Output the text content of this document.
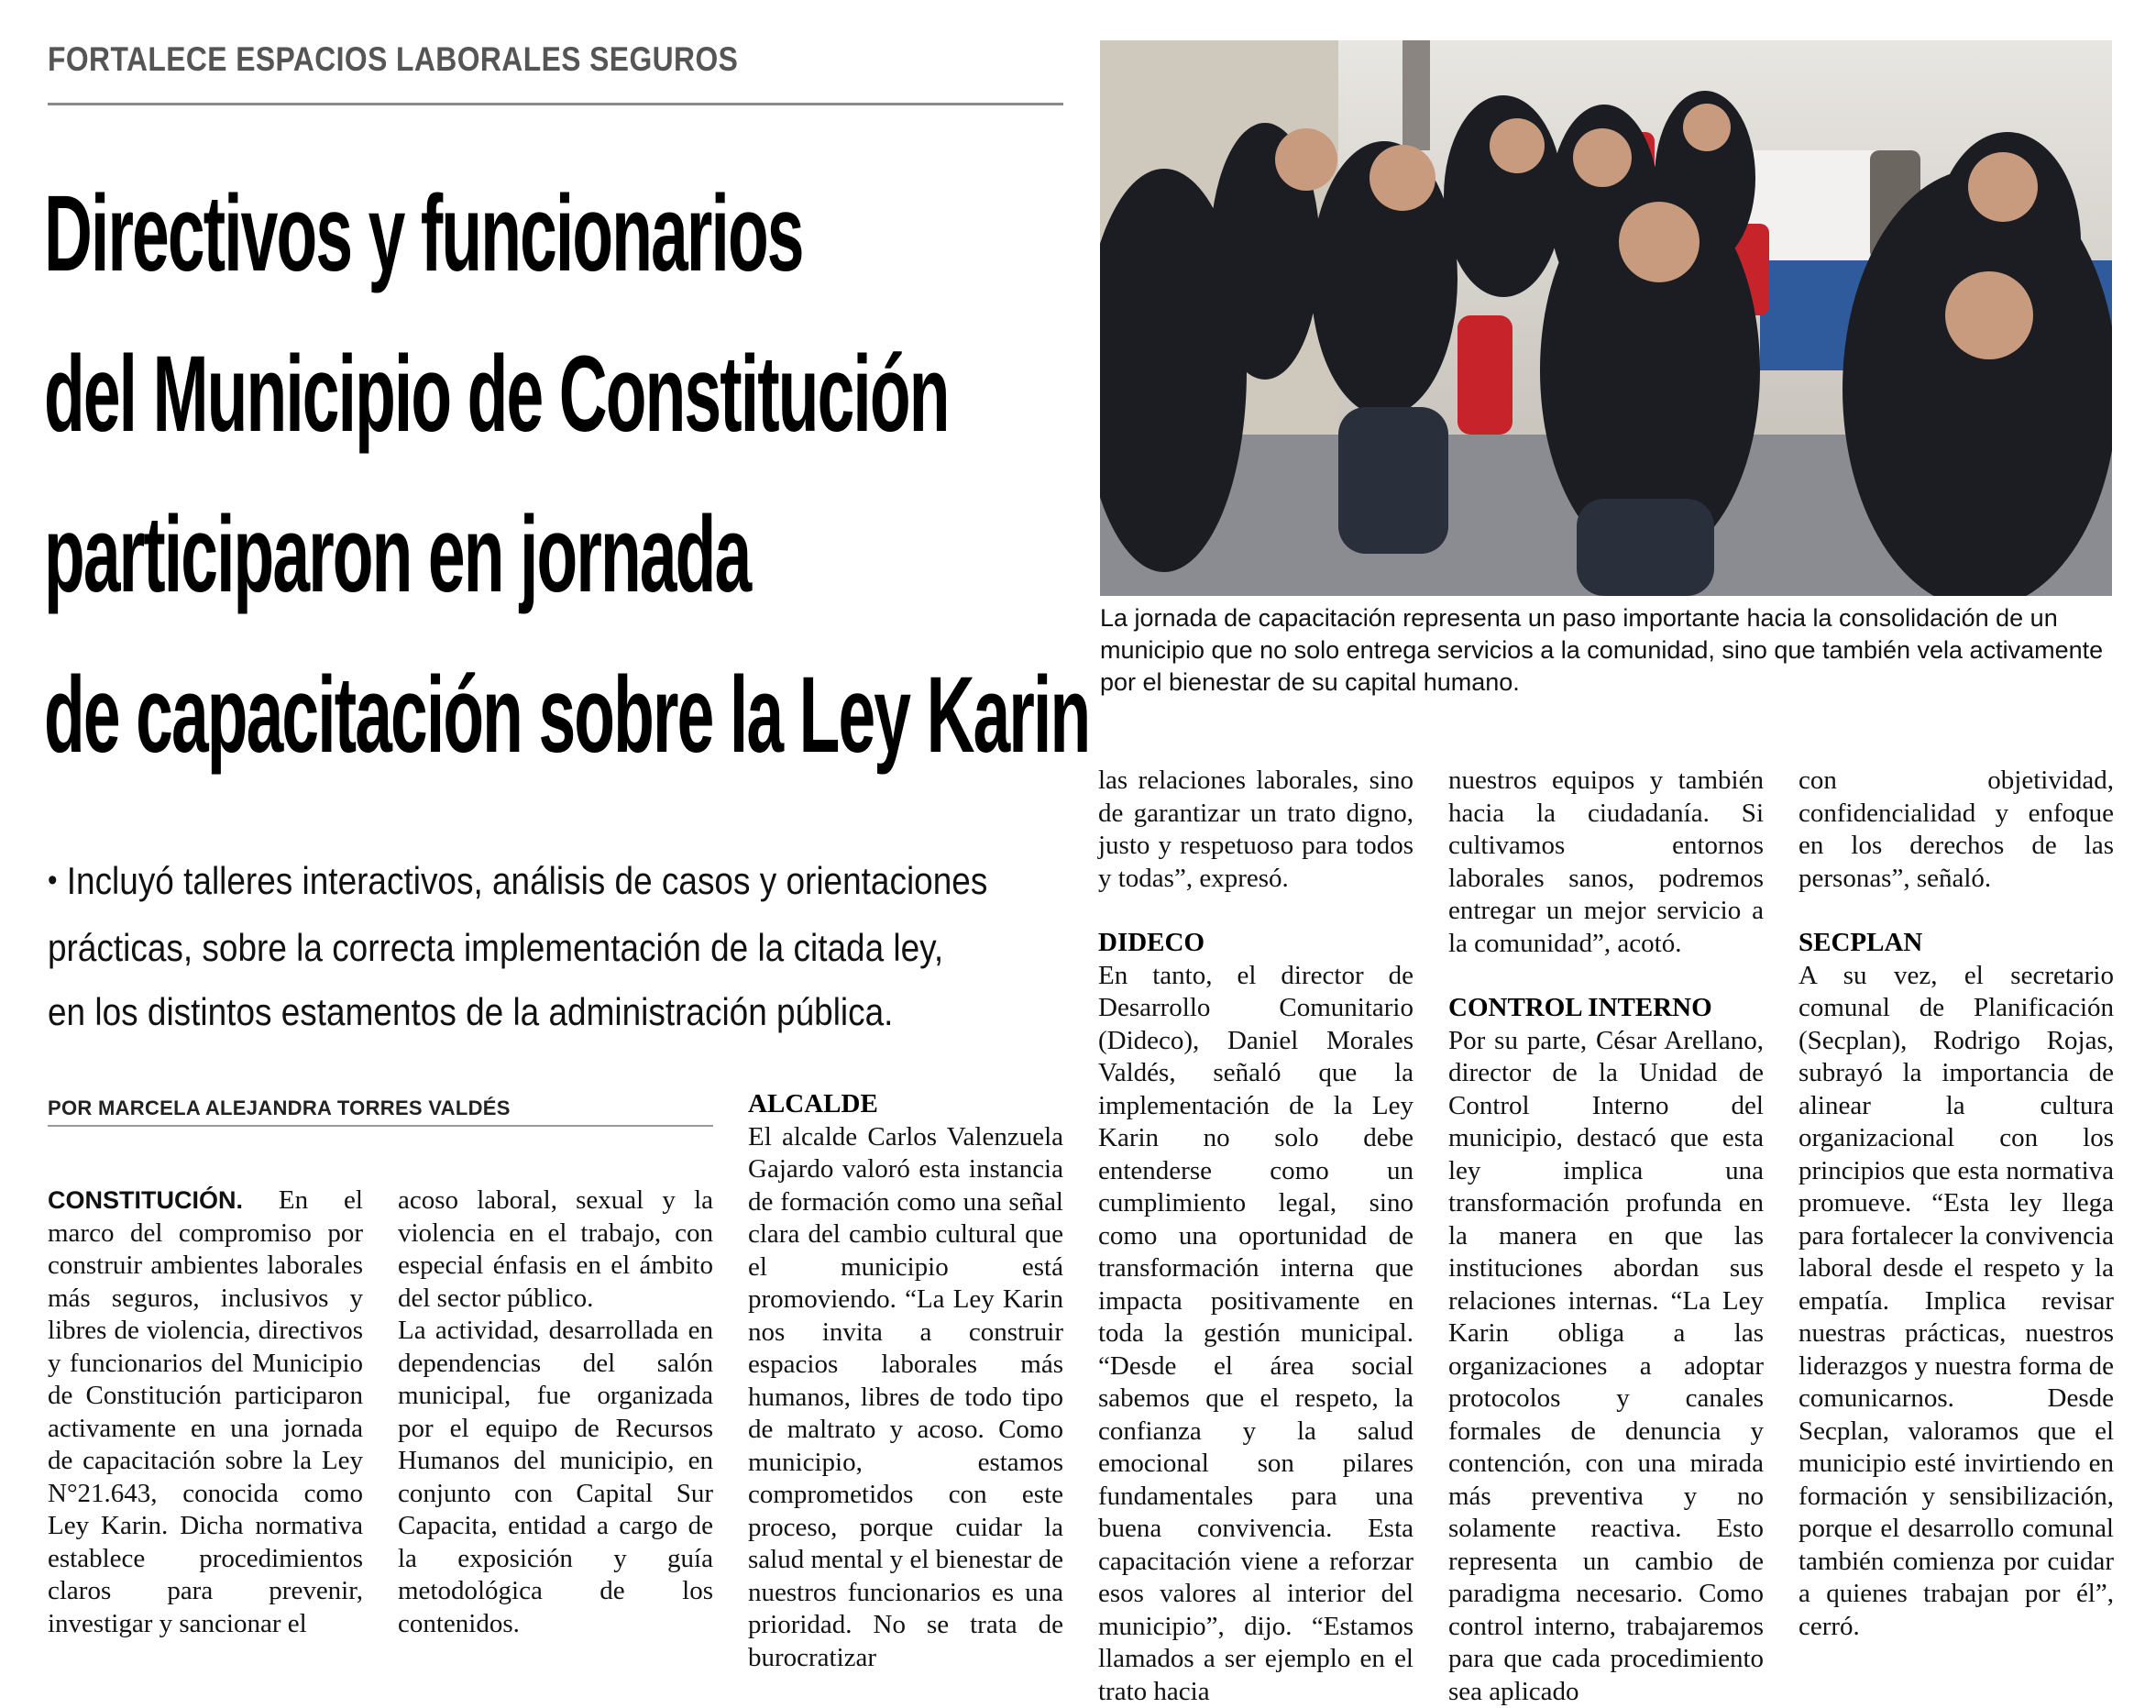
FORTALECE ESPACIOS LABORALES SEGUROS
Directivos y funcionarios
del Municipio de Constitución
participaron en jornada
de capacitación sobre la Ley Karin
• Incluyó talleres interactivos, análisis de casos y orientaciones
prácticas, sobre la correcta implementación de la citada ley,
en los distintos estamentos de la administración pública.
POR MARCELA ALEJANDRA TORRES VALDÉS
La jornada de capacitación representa un paso importante hacia la consolidación de un municipio que no solo entrega servicios a la comunidad, sino que también vela activamente por el bienestar de su capital humano.

CONSTITUCIÓN. En el marco del compromiso por construir ambientes laborales más seguros, inclusivos y libres de violencia, directivos y funcionarios del Municipio de Constitución participaron activamente en una jornada de capacitación sobre la Ley N°21.643, conocida como Ley Karin. Dicha normativa establece procedimientos claros para prevenir, investigar y sancionar el

acoso laboral, sexual y la violencia en el trabajo, con especial énfasis en el ámbito del sector público.

La actividad, desarrollada en dependencias del salón municipal, fue organizada por el equipo de Recursos Humanos del municipio, en conjunto con Capital Sur Capacita, entidad a cargo de la exposición y guía metodológica de los contenidos.

ALCALDE

El alcalde Carlos Valenzuela Gajardo valoró esta instancia de formación como una señal clara del cambio cultural que el municipio está promoviendo. “La Ley Karin nos invita a construir espacios laborales más humanos, libres de todo tipo de maltrato y acoso. Como municipio, estamos comprometidos con este proceso, porque cuidar la salud mental y el bienestar de nuestros funcionarios es una prioridad. No se trata de burocratizar

las relaciones laborales, sino de garantizar un trato digno, justo y respetuoso para todos y todas”, expresó.

DIDECO

En tanto, el director de Desarrollo Comunitario (Dideco), Daniel Morales Valdés, señaló que la implementación de la Ley Karin no solo debe entenderse como un cumplimiento legal, sino como una oportunidad de transformación interna que impacta positivamente en toda la gestión municipal. “Desde el área social sabemos que el respeto, la confianza y la salud emocional son pilares fundamentales para una buena convivencia. Esta capacitación viene a reforzar esos valores al interior del municipio”, dijo. “Estamos llamados a ser ejemplo en el trato hacia

nuestros equipos y también hacia la ciudadanía. Si cultivamos entornos laborales sanos, podremos entregar un mejor servicio a la comunidad”, acotó.

CONTROL INTERNO

Por su parte, César Arellano, director de la Unidad de Control Interno del municipio, destacó que esta ley implica una transformación profunda en la manera en que las instituciones abordan sus relaciones internas. “La Ley Karin obliga a las organizaciones a adoptar protocolos y canales formales de denuncia y contención, con una mirada más preventiva y no solamente reactiva. Esto representa un cambio de paradigma necesario. Como control interno, trabajaremos para que cada procedimiento sea aplicado

con objetividad, confidencialidad y enfoque en los derechos de las personas”, señaló.

SECPLAN

A su vez, el secretario comunal de Planificación (Secplan), Rodrigo Rojas, subrayó la importancia de alinear la cultura organizacional con los principios que esta normativa promueve. “Esta ley llega para fortalecer la convivencia laboral desde el respeto y la empatía. Implica revisar nuestras prácticas, nuestros liderazgos y nuestra forma de comunicarnos. Desde Secplan, valoramos que el municipio esté invirtiendo en formación y sensibilización, porque el desarrollo comunal también comienza por cuidar a quienes trabajan por él”, cerró.
